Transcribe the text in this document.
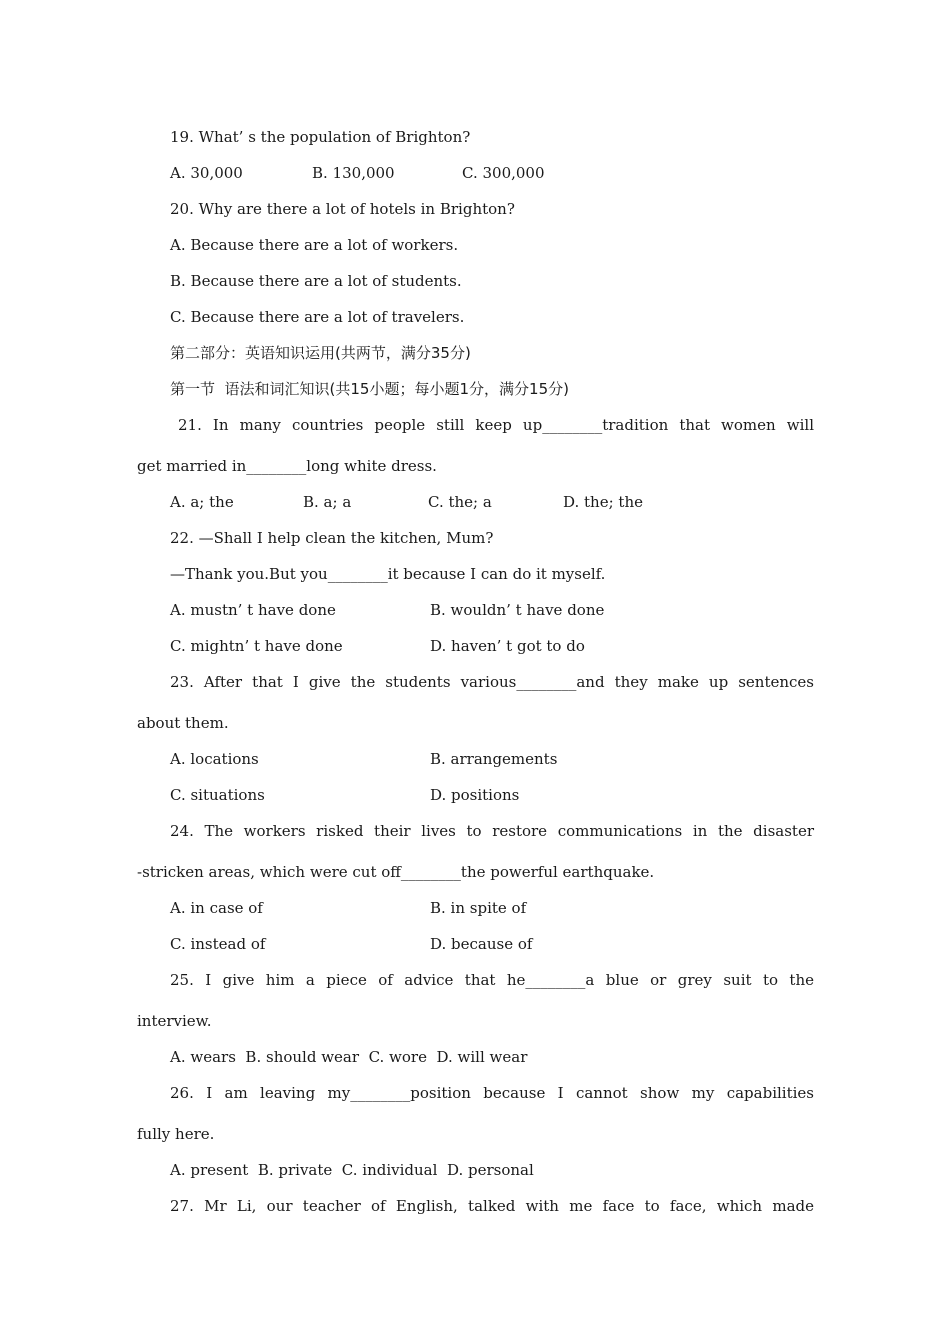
19. What’ s the population of Brighton?
A. 30,000	B. 130,000	C. 300,000
20. Why are there a lot of hotels in Brighton?
A. Because there are a lot of workers.
B. Because there are a lot of students.
C. Because there are a lot of travelers.
第二部分：英语知识运用(共两节，满分35分)
第一节  语法和词汇知识(共15小题；每小题1分，满分15分)
21. In many countries people still keep up________tradition that women will
get married in________long white dress.
A. a; the	B. a; a	C. the; a	D. the; the
22. —Shall I help clean the kitchen, Mum?
—Thank you.But you________it because I can do it myself.
A. mustn’ t have done	B. wouldn’ t have done
C. mightn’ t have done	D. haven’ t got to do
23. After that I give the students various________and they make up sentences
about them.
A. locations	B. arrangements
C. situations	D. positions
24. The workers risked their lives to restore communications in the disaster
-stricken areas, which were cut off________the powerful earthquake.
A. in case of	B. in spite of
C. instead of	D. because of
25. I give him a piece of advice that he________a blue or grey suit to the
interview.
A. wears  B. should wear  C. wore  D. will wear
26. I am leaving my________position because I cannot show my capabilities
fully here.
A. present  B. private  C. individual  D. personal
27. Mr Li, our teacher of English, talked with me face to face, which made
